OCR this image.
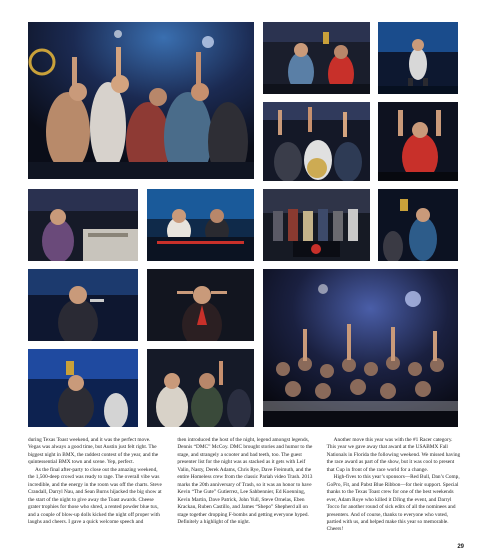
during Texas Toast weekend, and it was the perfect move. Vegas was always a good time, but Austin just felt right. The biggest night in BMX, the raddest contest of the year, and the quintessential BMX town and scene. Yep, perfect.

As the final after-party to close out the amazing weekend, the 1,500-deep crowd was ready to rage. The overall vibe was incredible, and the energy in the room was off the charts. Steve Crandall, Darryl Nau, and Sean Burns hijacked the big show at the start of the night to give away the Toast awards. Cheese grater trophies for those who shred, a rented powder blue tux, and a couple of blow-up dolls kicked the night off proper with laughs and cheers. I gave a quick welcome speech and

then introduced the host of the night, legend amongst legends, Dennis “DMC” McCoy. DMC brought stories and humor to the stage, and strangely a scooter and bad teeth, too. The guest presenter list for the night was as stacked as it gets with Leif Valin, Nasty, Derek Adams, Chris Rye, Dave Freimuth, and the entire Homeless crew from the classic Pariah video Trash. 2013 marks the 20th anniversary of Trash, so it was an honor to have Kevin “The Gute” Gutierrez, Lee Sahbennier, Ed Koenning, Kevin Martin, Dave Patrick, John Yull, Steve Ornelas, Eben Krackau, Ruben Castillo, and James “Shepo” Shepherd all on stage together dropping F-bombs and getting everyone hyped. Definitely a highlight of the night.

Another move this year was with the #1 Racer category. This year we gave away that award at the USABMX Fall Nationals in Florida the following weekend. We missed having the race award as part of the show, but it was cool to present that Cup in front of the race world for a change.

High-fives to this year’s sponsors—Red Bull, Dan’s Comp, GoPro, Fit, and Pabst Blue Ribbon—for their support. Special thanks to the Texas Toast crew for one of the best weekends ever, Adam Roye who killed it DJing the event, and Darryl Tocco for another round of sick edits of all the nominees and presenters. And of course, thanks to everyone who voted, partied with us, and helped make this year so memorable. Cheers!

29
